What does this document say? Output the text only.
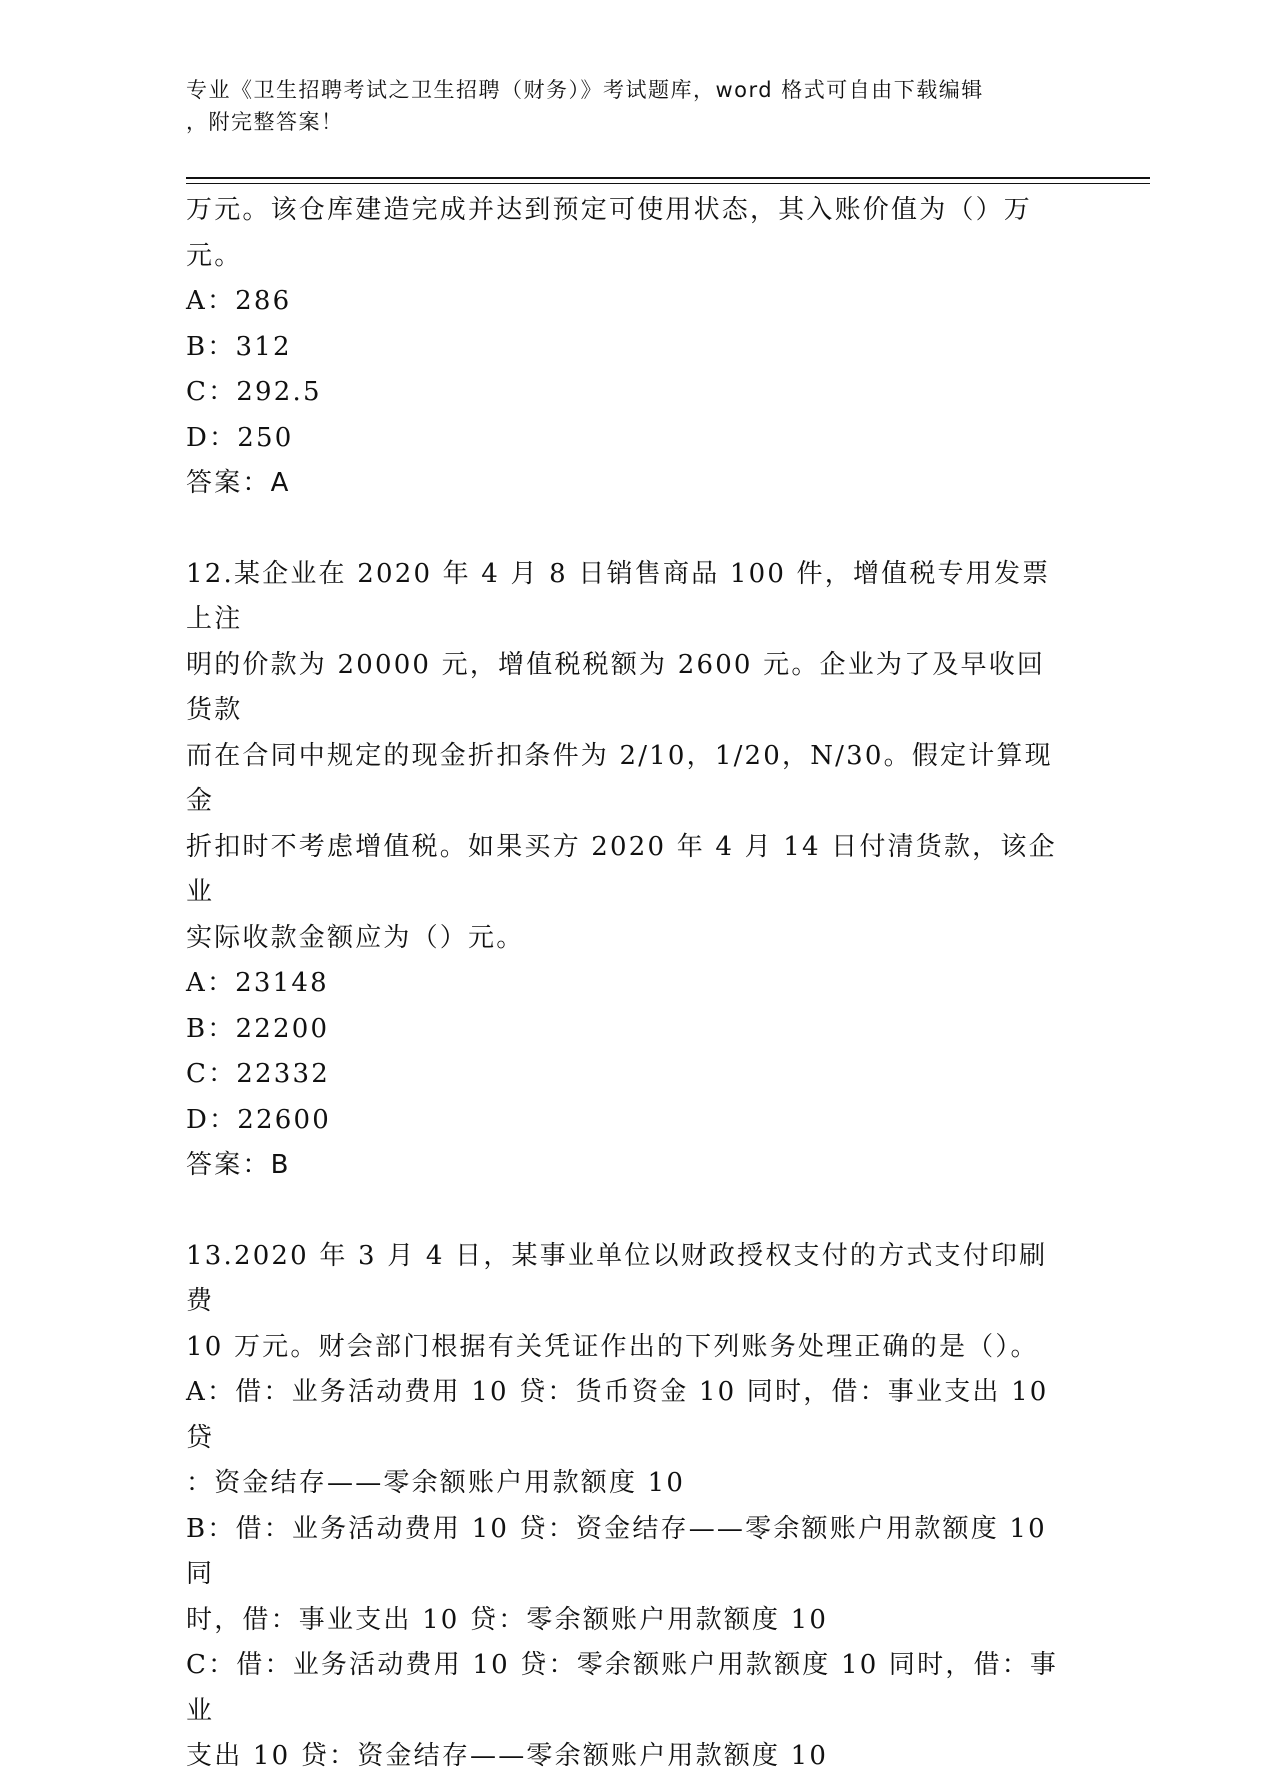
专业《卫生招聘考试之卫生招聘（财务）》考试题库，word 格式可自由下载编辑
，附完整答案！

万元。该仓库建造完成并达到预定可使用状态，其入账价值为（）万

元。

A：286

B：312

C：292.5

D：250

答案：A

12.某企业在 2020 年 4 月 8 日销售商品 100 件，增值税专用发票上注

明的价款为 20000 元，增值税税额为 2600 元。企业为了及早收回货款

而在合同中规定的现金折扣条件为 2/10，1/20，N/30。假定计算现金

折扣时不考虑增值税。如果买方 2020 年 4 月 14 日付清货款，该企业

实际收款金额应为（）元。

A：23148

B：22200

C：22332

D：22600

答案：B

13.2020 年 3 月 4 日，某事业单位以财政授权支付的方式支付印刷费

10 万元。财会部门根据有关凭证作出的下列账务处理正确的是（）。

A：借：业务活动费用 10 贷：货币资金 10 同时，借：事业支出 10 贷

：资金结存——零余额账户用款额度 10

B：借：业务活动费用 10 贷：资金结存——零余额账户用款额度 10 同

时，借：事业支出 10 贷：零余额账户用款额度 10

C：借：业务活动费用 10 贷：零余额账户用款额度 10 同时，借：事业

支出 10 贷：资金结存——零余额账户用款额度 10
